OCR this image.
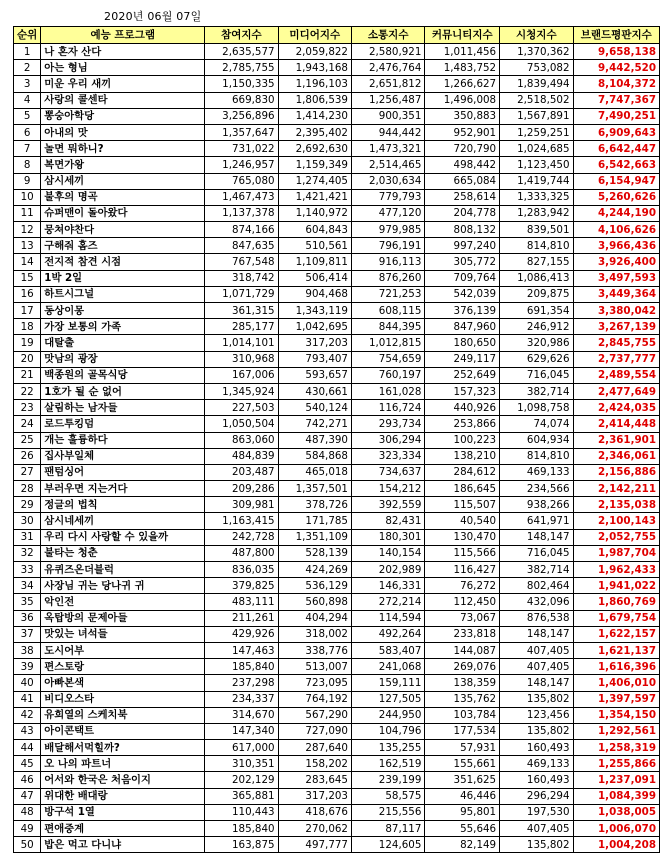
2020년 06월 07일
순위	예능 프로그램	참여지수	미디어지수	소통지수	커뮤니티지수	시청지수	브랜드평판지수
1	나 혼자 산다	2,635,577	2,059,822	2,580,921	1,011,456	1,370,362	9,658,138
2	아는 형님	2,785,755	1,943,168	2,476,764	1,483,752	753,082	9,442,520
3	미운 우리 새끼	1,150,335	1,196,103	2,651,812	1,266,627	1,839,494	8,104,372
4	사랑의 콜센타	669,830	1,806,539	1,256,487	1,496,008	2,518,502	7,747,367
5	뽕숭아학당	3,256,896	1,414,230	900,351	350,883	1,567,891	7,490,251
6	아내의 맛	1,357,647	2,395,402	944,442	952,901	1,259,251	6,909,643
7	놀면 뭐하니?	731,022	2,692,630	1,473,321	720,790	1,024,685	6,642,447
8	복면가왕	1,246,957	1,159,349	2,514,465	498,442	1,123,450	6,542,663
9	삼시세끼	765,080	1,274,405	2,030,634	665,084	1,419,744	6,154,947
10	불후의 명곡	1,467,473	1,421,421	779,793	258,614	1,333,325	5,260,626
11	슈퍼맨이 돌아왔다	1,137,378	1,140,972	477,120	204,778	1,283,942	4,244,190
12	뭉쳐야찬다	874,166	604,843	979,985	808,132	839,501	4,106,626
13	구해줘 홈즈	847,635	510,561	796,191	997,240	814,810	3,966,436
14	전지적 참견 시점	767,548	1,109,811	916,113	305,772	827,155	3,926,400
15	1박 2일	318,742	506,414	876,260	709,764	1,086,413	3,497,593
16	하트시그널	1,071,729	904,468	721,253	542,039	209,875	3,449,364
17	동상이몽	361,315	1,343,119	608,115	376,139	691,354	3,380,042
18	가장 보통의 가족	285,177	1,042,695	844,395	847,960	246,912	3,267,139
19	대탈출	1,014,101	317,203	1,012,815	180,650	320,986	2,845,755
20	맛남의 광장	310,968	793,407	754,659	249,117	629,626	2,737,777
21	백종원의 골목식당	167,006	593,657	760,197	252,649	716,045	2,489,554
22	1호가 될 순 없어	1,345,924	430,661	161,028	157,323	382,714	2,477,649
23	살림하는 남자들	227,503	540,124	116,724	440,926	1,098,758	2,424,035
24	로드투킹덤	1,050,504	742,271	293,734	253,866	74,074	2,414,448
25	개는 훌륭하다	863,060	487,390	306,294	100,223	604,934	2,361,901
26	집사부일체	484,839	584,868	323,334	138,210	814,810	2,346,061
27	팬텀싱어	203,487	465,018	734,637	284,612	469,133	2,156,886
28	부러우면 지는거다	209,286	1,357,501	154,212	186,645	234,566	2,142,211
29	정글의 법칙	309,981	378,726	392,559	115,507	938,266	2,135,038
30	삼시네세끼	1,163,415	171,785	82,431	40,540	641,971	2,100,143
31	우리 다시 사랑할 수 있을까	242,728	1,351,109	180,301	130,470	148,147	2,052,755
32	불타는 청춘	487,800	528,139	140,154	115,566	716,045	1,987,704
33	유퀴즈온더블럭	836,035	424,269	202,989	116,427	382,714	1,962,433
34	사장님 귀는 당나귀 귀	379,825	536,129	146,331	76,272	802,464	1,941,022
35	악인전	483,111	560,898	272,214	112,450	432,096	1,860,769
36	옥탑방의 문제아들	211,261	404,294	114,594	73,067	876,538	1,679,754
37	맛있는 녀석들	429,926	318,002	492,264	233,818	148,147	1,622,157
38	도시어부	147,463	338,776	583,407	144,087	407,405	1,621,137
39	편스토랑	185,840	513,007	241,068	269,076	407,405	1,616,396
40	아빠본색	237,298	723,095	159,111	138,359	148,147	1,406,010
41	비디오스타	234,337	764,192	127,505	135,762	135,802	1,397,597
42	유희열의 스케치북	314,670	567,290	244,950	103,784	123,456	1,354,150
43	아이콘택트	147,340	727,090	104,796	177,534	135,802	1,292,561
44	배달해서먹힐까?	617,000	287,640	135,255	57,931	160,493	1,258,319
45	오 나의 파트너	310,351	158,202	162,519	155,661	469,133	1,255,866
46	어서와 한국은 처음이지	202,129	283,645	239,199	351,625	160,493	1,237,091
47	위대한 배대랑	365,881	317,203	58,575	46,446	296,294	1,084,399
48	방구석 1열	110,443	418,676	215,556	95,801	197,530	1,038,005
49	편애중계	185,840	270,062	87,117	55,646	407,405	1,006,070
50	밥은 먹고 다니냐	163,875	497,777	124,605	82,149	135,802	1,004,208
